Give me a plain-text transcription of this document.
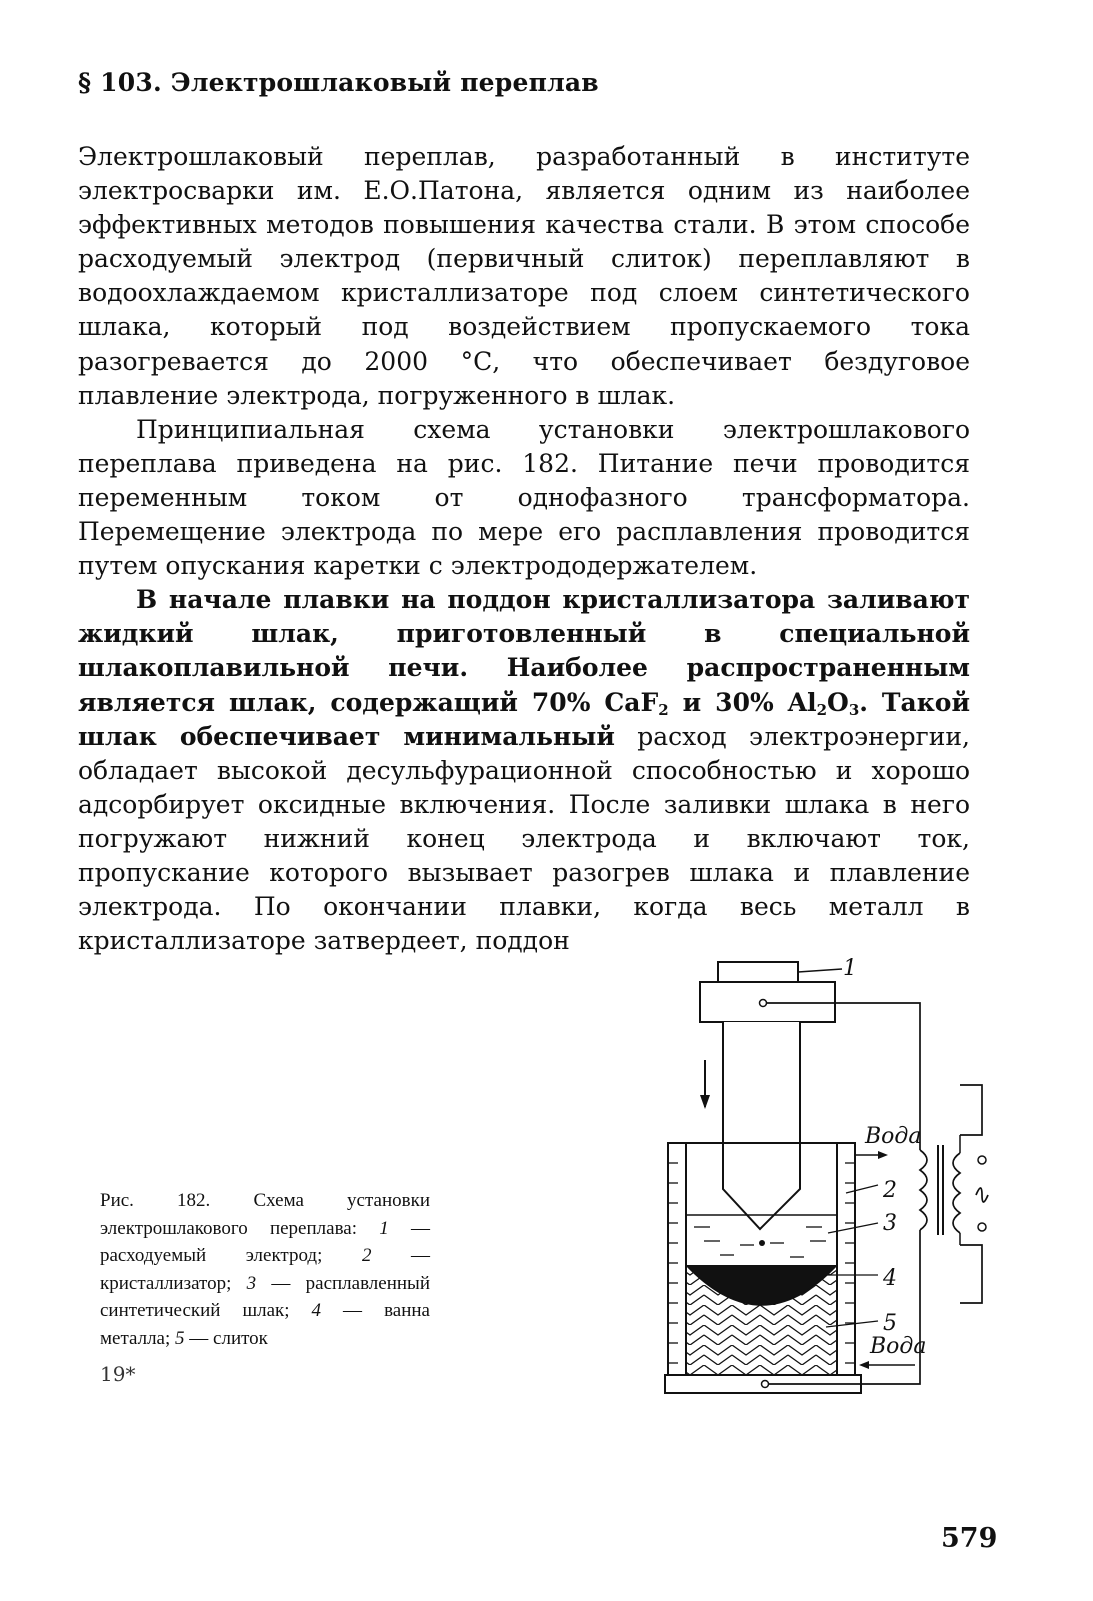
§ 103. Электрошлаковый переплав

Электрошлаковый переплав, разработанный в институте электросварки им. Е.О.Патона, является одним из наиболее эффективных методов повышения качества стали. В этом способе расходуемый электрод (первичный слиток) переплавляют в водоохлаждаемом кристаллизаторе под слоем синтетического шлака, который под воздействием пропускаемого тока разогревается до 2000 °С, что обеспечивает бездуговое плавление электрода, погруженного в шлак.

Принципиальная схема установки электрошлакового переплава приведена на рис. 182. Питание печи проводится переменным током от однофазного трансформатора. Перемещение электрода по мере его расплавления проводится путем опускания каретки с электрододержателем.

В начале плавки на поддон кристаллизатора заливают жидкий шлак, приготовленный в специальной шлакоплавильной печи. Наиболее распространенным является шлак, содержащий 70% CaF$_2$ и 30% $Al_2O_3$. Такой шлак обеспечивает минимальный расход электроэнергии, обладает высокой десульфурационной способностью и хорошо адсорбирует оксидные включения. После заливки шлака в него погружают нижний конец электрода и включают ток, пропускание которого вызывает разогрев шлака и плавление электрода. По окончании плавки, когда весь металл в кристаллизаторе затвердеет, поддон

Рис. 182. Схема установки электрошлакового переплава: 1 — расходуемый электрод; 2 — кристаллизатор; 3 — расплавленный синтетический шлак; 4 — ванна металла; 5 — слиток
19*
579
1
Вода
Вода
2
3
4
5
